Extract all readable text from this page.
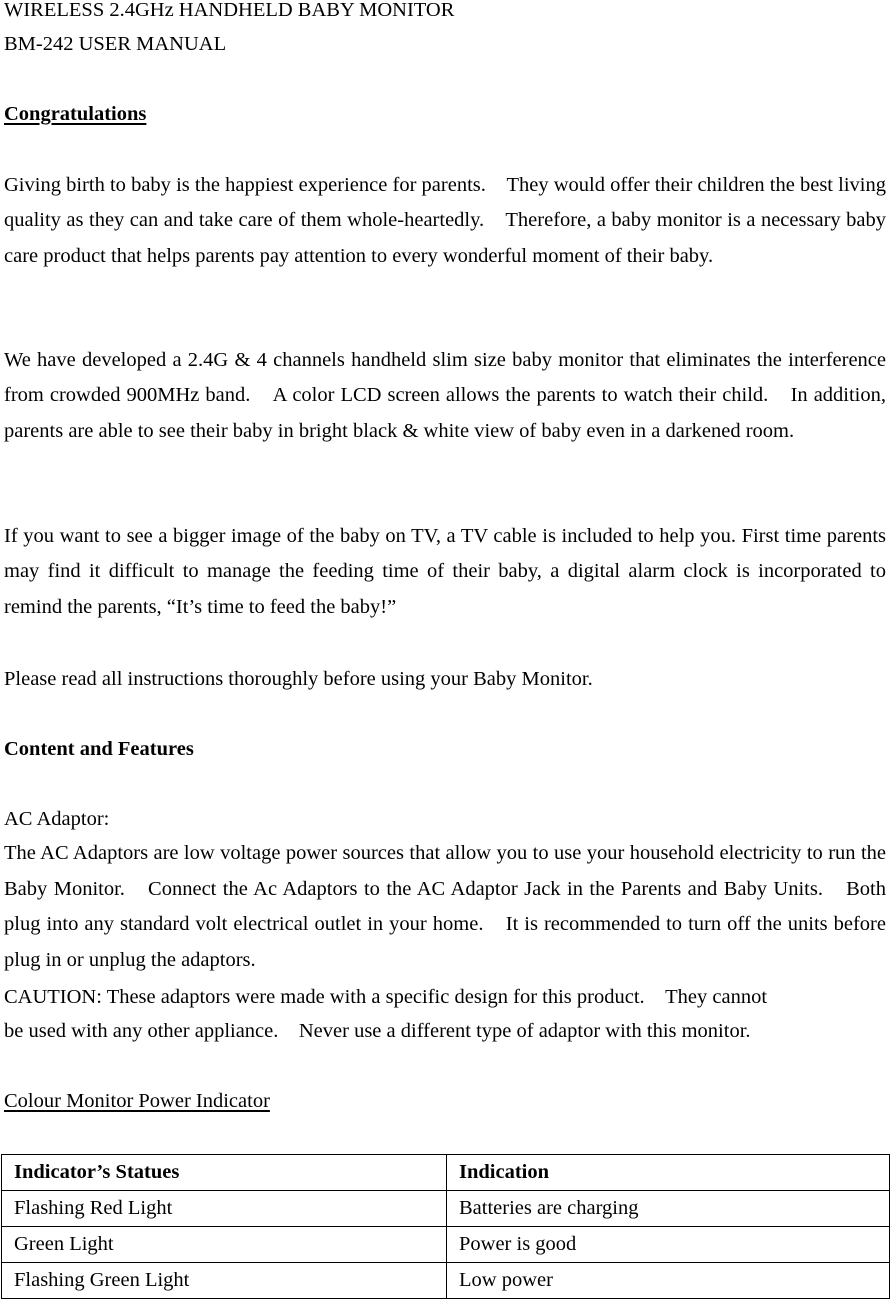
WIRELESS 2.4GHz HANDHELD BABY MONITOR
BM-242 USER MANUAL
Congratulations

Giving birth to baby is the happiest experience for parents.　They would offer their children the best living quality as they can and take care of them whole-heartedly.　Therefore, a baby monitor is a necessary baby care product that helps parents pay attention to every wonderful moment of their baby.

We have developed a 2.4G & 4 channels handheld slim size baby monitor that eliminates the interference from crowded 900MHz band.　A color LCD screen allows the parents to watch their child.　In addition, parents are able to see their baby in bright black & white view of baby even in a darkened room.

If you want to see a bigger image of the baby on TV, a TV cable is included to help you. First time parents may find it difficult to manage the feeding time of their baby, a digital alarm clock is incorporated to remind the parents, “It’s time to feed the baby!”

Please read all instructions thoroughly before using your Baby Monitor.
Content and Features
AC Adaptor:

The AC Adaptors are low voltage power sources that allow you to use your household electricity to run the Baby Monitor.　Connect the Ac Adaptors to the AC Adaptor Jack in the Parents and Baby Units.　Both plug into any standard volt electrical outlet in your home.　It is recommended to turn off the units before plug in or unplug the adaptors.

CAUTION: These adaptors were made with a specific design for this product.　They cannot
be used with any other appliance.　Never use a different type of adaptor with this monitor.
Colour Monitor Power Indicator
Indicator’s Statues	Indication
Flashing Red Light	Batteries are charging
Green Light	Power is good
Flashing Green Light	Low power
